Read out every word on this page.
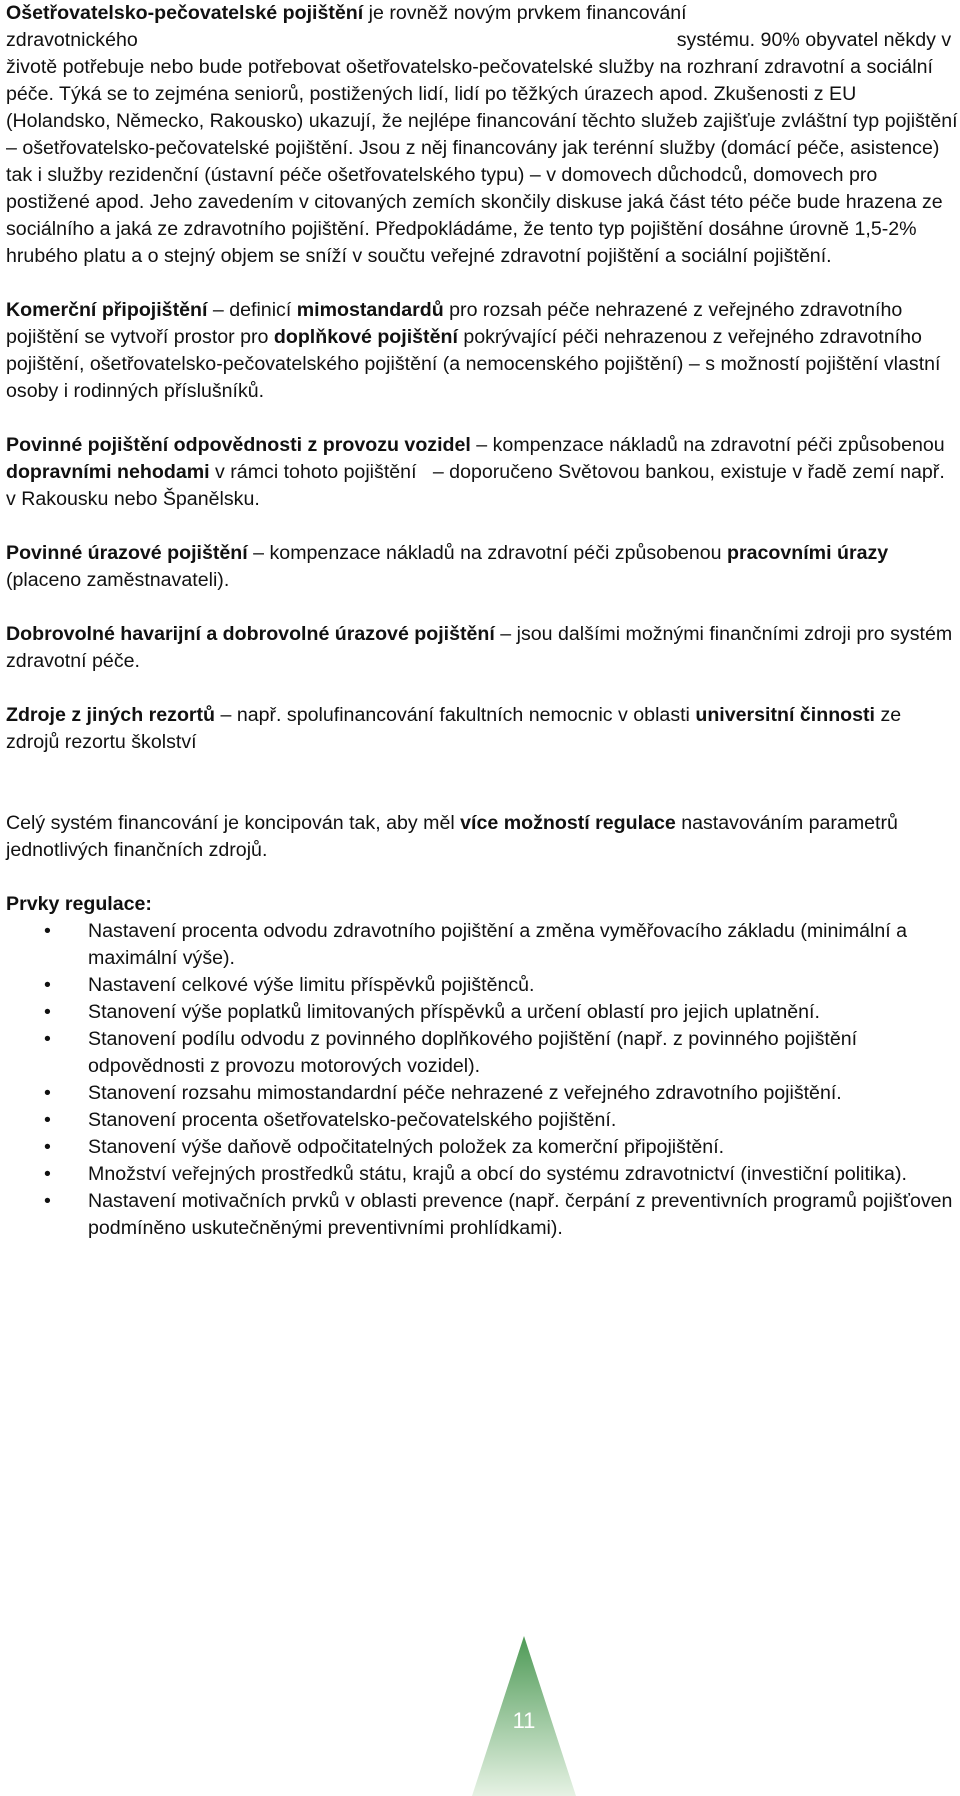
Ošetřovatelsko-pečovatelské pojištění je rovněž novým prvkem financování zdravotnického                                                                                                   systému. 90% obyvatel někdy v životě potřebuje nebo bude potřebovat ošetřovatelsko-pečovatelské služby na rozhraní zdravotní a sociální péče. Týká se to zejména seniorů, postižených lidí, lidí po těžkých úrazech apod. Zkušenosti z EU (Holandsko, Německo, Rakousko) ukazují, že nejlépe financování těchto služeb zajišťuje zvláštní typ pojištění – ošetřovatelsko-pečovatelské pojištění. Jsou z něj financovány jak terénní služby (domácí péče, asistence) tak i služby rezidenční (ústavní péče ošetřovatelského typu) – v domovech důchodců, domovech pro postižené apod. Jeho zavedením v citovaných zemích skončily diskuse jaká část této péče bude hrazena ze sociálního a jaká ze zdravotního pojištění. Předpokládáme, že tento typ pojištění dosáhne úrovně 1,5-2% hrubého platu a o stejný objem se sníží v součtu veřejné zdravotní pojištění a sociální pojištění.

Komerční připojištění – definicí mimostandardů pro rozsah péče nehrazené z veřejného zdravotního pojištění se vytvoří prostor pro doplňkové pojištění pokrývající péči nehrazenou z veřejného zdravotního pojištění, ošetřovatelsko-pečovatelského pojištění (a nemocenského pojištění) – s možností pojištění vlastní osoby i rodinných příslušníků.

Povinné pojištění odpovědnosti z provozu vozidel – kompenzace nákladů na zdravotní péči způsobenou dopravními nehodami v rámci tohoto pojištění   – doporučeno Světovou bankou, existuje v řadě zemí např. v Rakousku nebo Španělsku.

Povinné úrazové pojištění – kompenzace nákladů na zdravotní péči způsobenou pracovními úrazy (placeno zaměstnavateli).

Dobrovolné havarijní a dobrovolné úrazové pojištění – jsou dalšími možnými finančními zdroji pro systém zdravotní péče.

Zdroje z jiných rezortů – např. spolufinancování fakultních nemocnic v oblasti universitní činnosti ze zdrojů rezortu školství

Celý systém financování je koncipován tak, aby měl více možností regulace nastavováním parametrů jednotlivých finančních zdrojů.

Prvky regulace:

• Nastavení procenta odvodu zdravotního pojištění a změna vyměřovacího základu (minimální a maximální výše).
• Nastavení celkové výše limitu příspěvků pojištěnců.
• Stanovení výše poplatků limitovaných příspěvků a určení oblastí pro jejich uplatnění.
• Stanovení podílu odvodu z povinného doplňkového pojištění (např. z povinného pojištění odpovědnosti z provozu motorových vozidel).
• Stanovení rozsahu mimostandardní péče nehrazené z veřejného zdravotního pojištění.
• Stanovení procenta ošetřovatelsko-pečovatelského pojištění.
• Stanovení výše daňově odpočitatelných položek za komerční připojištění.
• Množství veřejných prostředků státu, krajů a obcí do systému zdravotnictví (investiční politika).
• Nastavení motivačních prvků v oblasti prevence (např. čerpání z preventivních programů pojišťoven podmíněno uskutečněnými preventivními prohlídkami).
11
